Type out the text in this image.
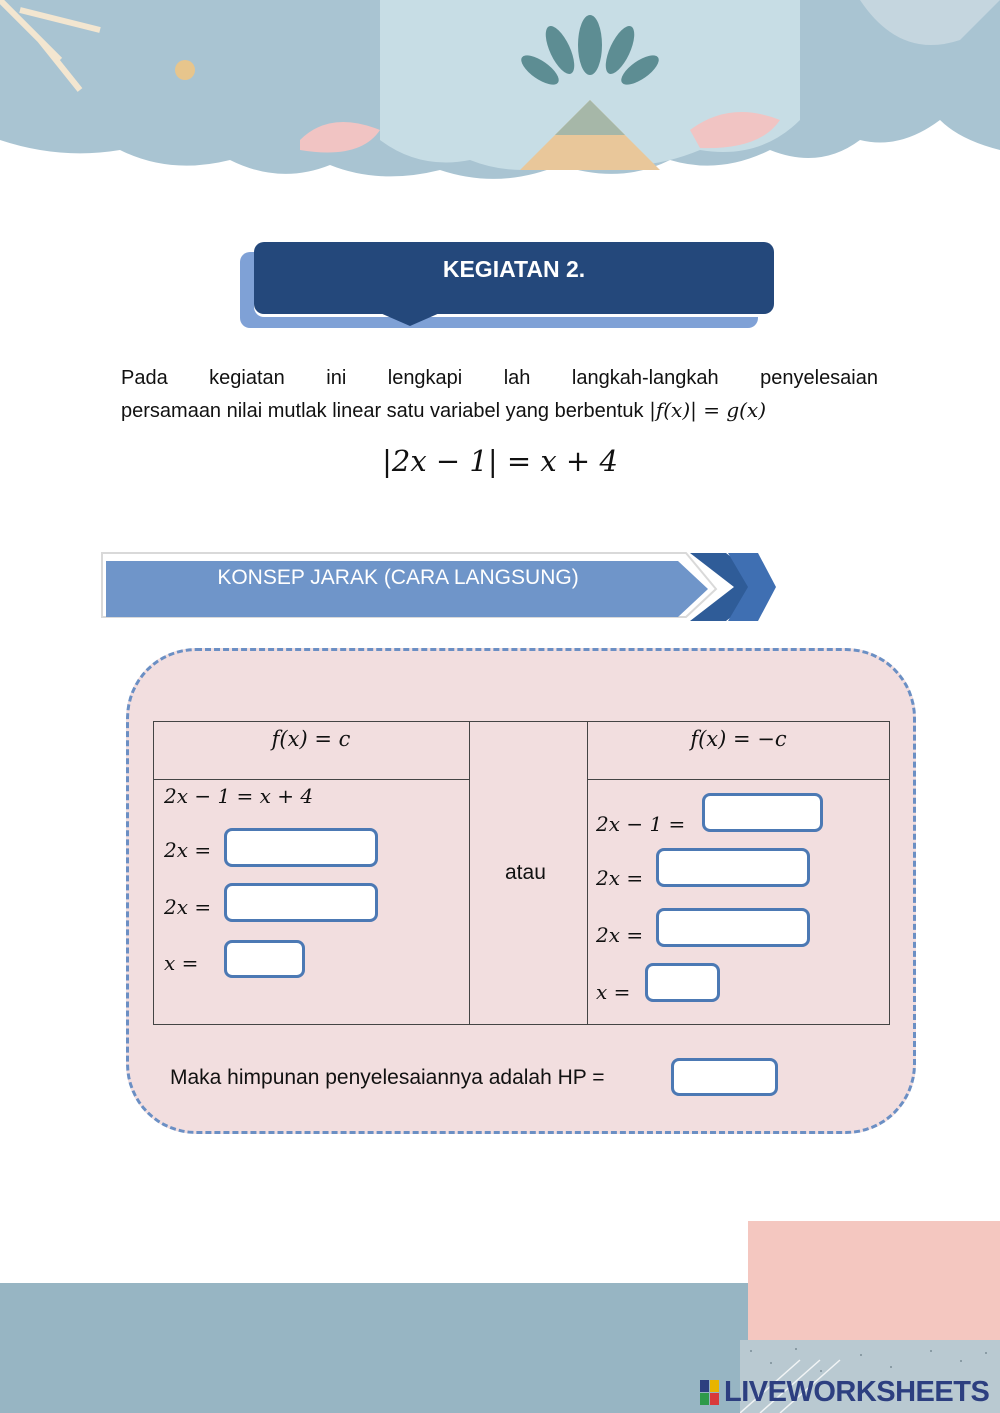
KEGIATAN 2.
Pada kegiatan ini lengkapi lah langkah-langkah penyelesaian
persamaan nilai mutlak linear satu variabel yang berbentuk |f(x)| = g(x)
|2x − 1| = x + 4
KONSEP JARAK (CARA LANGSUNG)
f(x) = c	f(x) = −c
atau
2x − 1 = x + 4
2x =
2x =
x =
2x − 1 =
2x =
2x =
x =
Maka himpunan penyelesaiannya adalah HP =
LIVEWORKSHEETS
